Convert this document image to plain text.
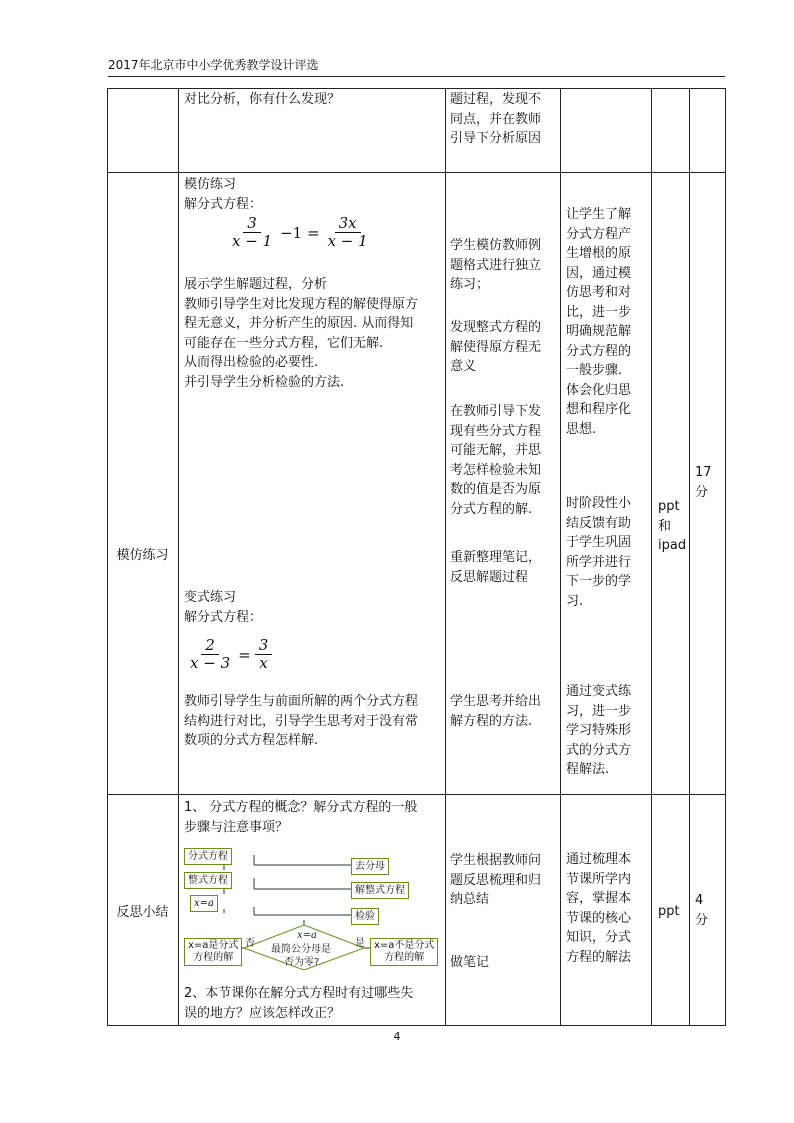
2017年北京市中小学优秀教学设计评选
对比分析，你有什么发现？	题过程，发现不
同点，并在教师
引导下分析原因
模仿练习
模仿练习
解分式方程：
$\frac{3}{x - 1} -1 = \frac{3x}{x - 1}$
展示学生解题过程，分析
教师引导学生对比发现方程的解使得原方
程无意义，并分析产生的原因. 从而得知
可能存在一些分式方程，它们无解.
从而得出检验的必要性.
并引导学生分析检验的方法.
变式练习
解分式方程：
$\frac{2}{x - 3} = \frac{3}{x}$
教师引导学生与前面所解的两个分式方程
结构进行对比，引导学生思考对于没有常
数项的分式方程怎样解.
学生模仿教师例
题格式进行独立
练习；
发现整式方程的
解使得原方程无
意义
在教师引导下发
现有些分式方程
可能无解，并思
考怎样检验未知
数的值是否为原
分式方程的解.
重新整理笔记，
反思解题过程
学生思考并给出
解方程的方法.
让学生了解
分式方程产
生增根的原
因，通过模
仿思考和对
比，进一步
明确规范解
分式方程的
一般步骤.
体会化归思
想和程序化
思想.
时阶段性小
结反馈有助
于学生巩固
所学并进行
下一步的学
习.
通过变式练
习，进一步
学习特殊形
式的分式方
程解法.
ppt
和
ipad
17
分
反思小结
1、 分式方程的概念？解分式方程的一般
步骤与注意事项？
x=a
最简公分母是
否为零?
否	是
分式方程
去分母
整式方程
解整式方程
x=a
检验
x=a是分式
方程的解
x=a不是分式
方程的解
2、本节课你在解分式方程时有过哪些失
误的地方？应该怎样改正？
学生根据教师问
题反思梳理和归
纳总结
做笔记
通过梳理本
节课所学内
容，掌握本
节课的核心
知识，分式
方程的解法
ppt
4
分
4
